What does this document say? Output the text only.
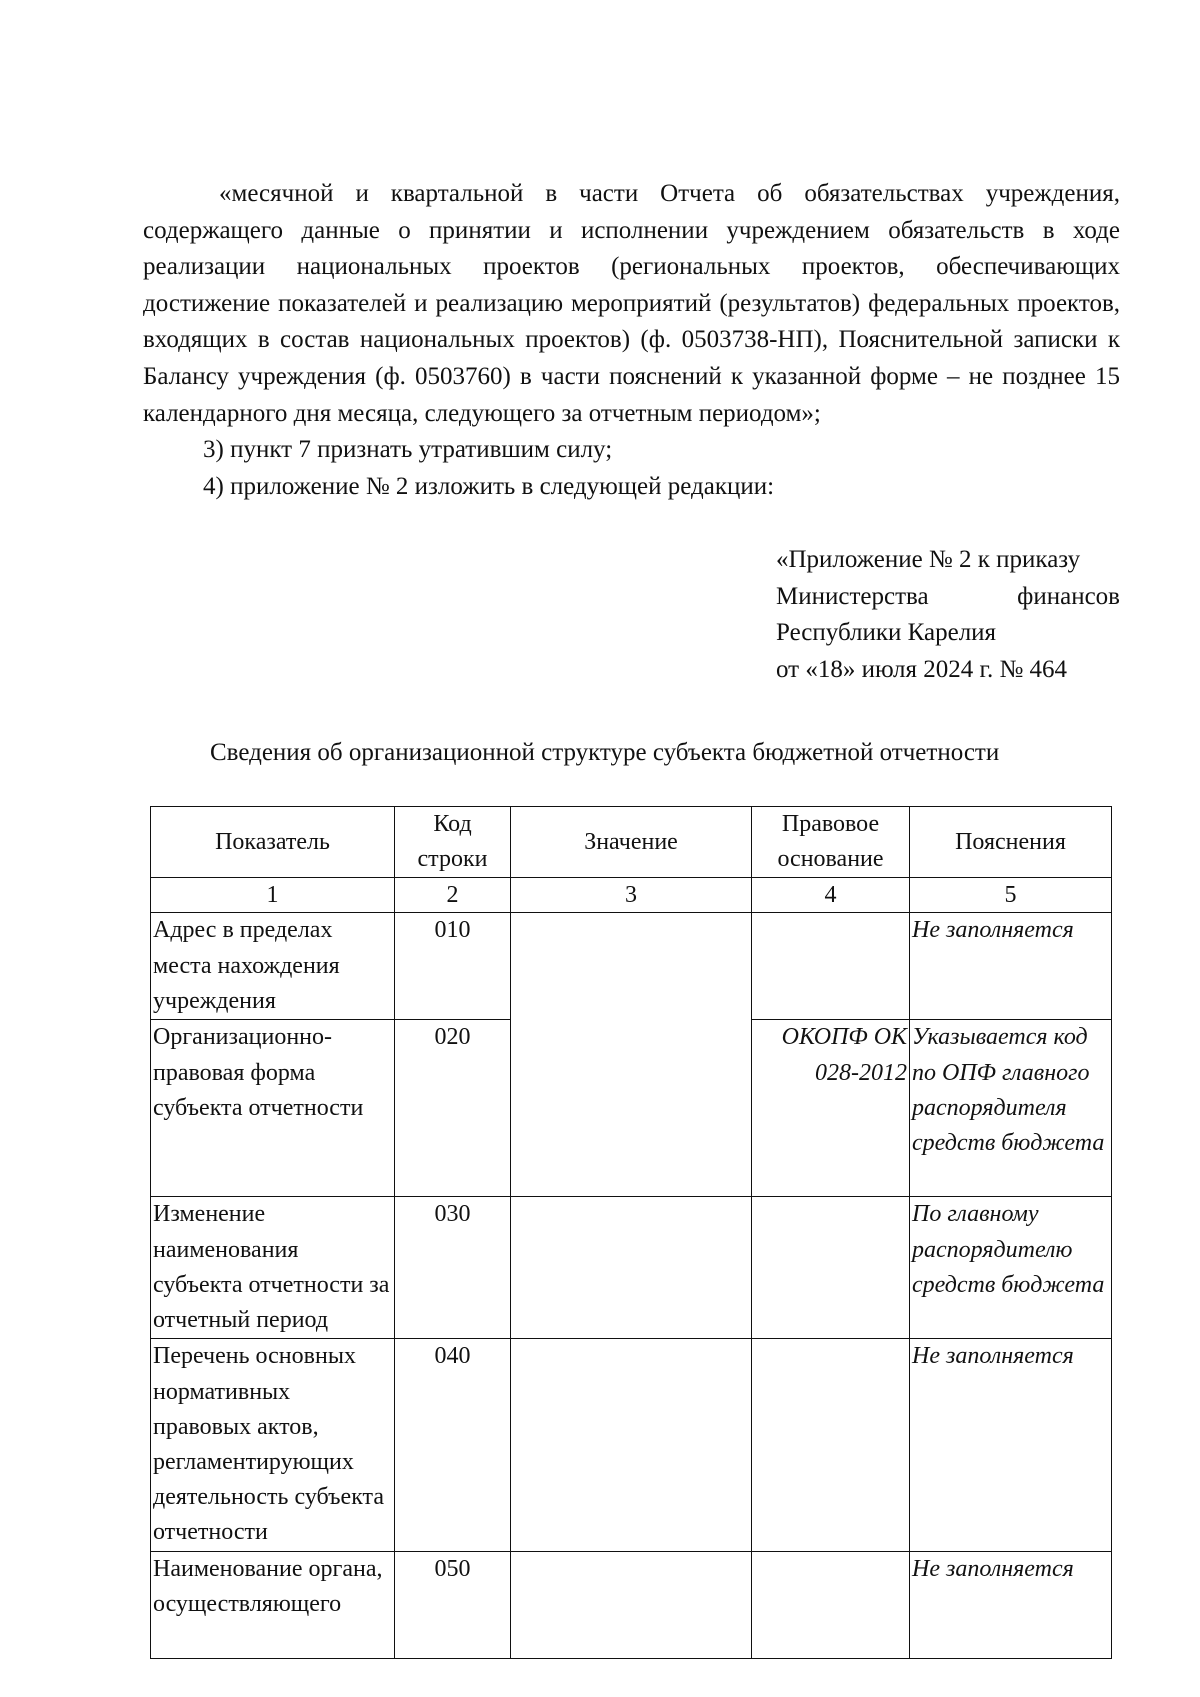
«месячной и квартальной в части Отчета об обязательствах учреждения, содержащего данные о принятии и исполнении учреждением обязательств в ходе реализации национальных проектов (региональных проектов, обеспечивающих достижение показателей и реализацию мероприятий (результатов) федеральных проектов, входящих в состав национальных проектов) (ф. 0503738-НП), Пояснительной записки к Балансу учреждения (ф. 0503760) в части пояснений к указанной форме – не позднее 15 календарного дня месяца, следующего за отчетным периодом»;

3) пункт 7 признать утратившим силу;

4) приложение № 2 изложить в следующей редакции:

«Приложение № 2 к приказу
Министерства финансов
Республики Карелия
от «18» июля 2024 г. № 464
Сведения об организационной структуре субъекта бюджетной отчетности
Показатель	Код строки	Значение	Правовое основание	Пояснения
1	2	3	4	5
Адрес в пределах места нахождения учреждения	010			Не заполняется
Организационно-правовая форма субъекта отчетности	020		ОКОПФ ОК 028-2012	Указывается код по ОПФ главного распорядителя средств бюджета
Изменение наименования субъекта отчетности за отчетный период	030			По главному распорядителю средств бюджета
Перечень основных нормативных правовых актов, регламентирующих деятельность субъекта отчетности	040			Не заполняется
Наименование органа, осуществляющего	050			Не заполняется
